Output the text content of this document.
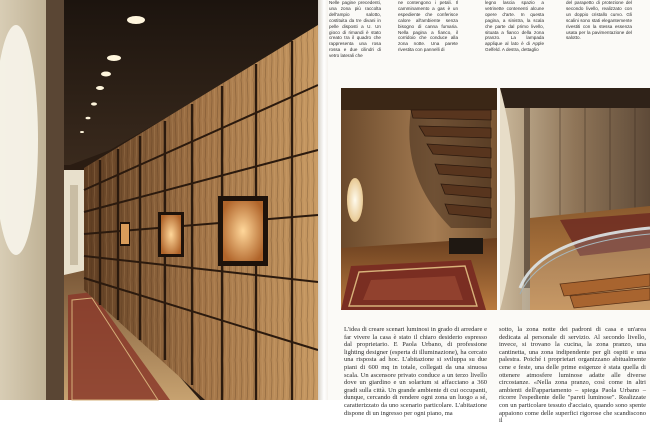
Nelle pagine precedenti, una zona più raccolta dell'ampio salotto, costituita da tre divani in pelle disposti a U. Un gioco di rimandi è stato creato tra il quadro che rappresenta una rosa rossa e due cilindri di vetro laterali che

ne contengono i petali. Il camminamento a gas è un espediente che conferisce calore all'ambiente senza bisogno di canna fumaria. Nella pagina a fianco, il corridoio che conduce alla zona notte. Una parete rivestita con pannelli di

legno lascia spazio a vetrinette contenenti alcune opere d'arte. In questa pagina, a sinistra, la scala che parte dal primo livello, situata a fianco della zona pranzo. La lampada applique al lato è di Apple Gelfeld. A destra, dettaglio

del parapetto di protezione del secondo livello, realizzato con un doppio cristallo curvo. Gli scalini sono stati elegantemente rivestiti con la stessa essenza usata per la pavimentazione del salotto.

L'idea di creare scenari luminosi in grado di arredare e far vivere la casa è stato il chiaro desiderio espresso dal proprietario. E Paola Urbano, di professione lighting designer (esperta di illuminazione), ha cercato una risposta ad hoc. L'abitazione si sviluppa su due piani di 600 mq in totale, collegati da una sinuosa scala. Un ascensore privato conduce a un terzo livello dove un giardino e un solarium si affacciano a 360 gradi sulla città. Un grande ambiente di cui occupanti, dunque, cercando di rendere ogni zona un luogo a sé, caratterizzato da uno scenario particolare. L'abitazione dispone di un ingresso per ogni piano, ma

sotto, la zona notte dei padroni di casa e un'area dedicata al personale di servizio. Al secondo livello, invece, si trovano la cucina, la zona pranzo, una cantinetta, una zona indipendente per gli ospiti e una palestra. Poiché i proprietari organizzano abitualmente cene e feste, una delle prime esigenze è stata quella di ottenere atmosfere luminose adatte alle diverse circostanze. «Nella zona pranzo, così come in altri ambienti dell'appartamento – spiega Paola Urbano – ricorre l'espediente delle "pareti luminose". Realizzate con un particolare tessuto d'acciaio, quando sono spente appaiono come delle superfici rigorose che scandiscono il
